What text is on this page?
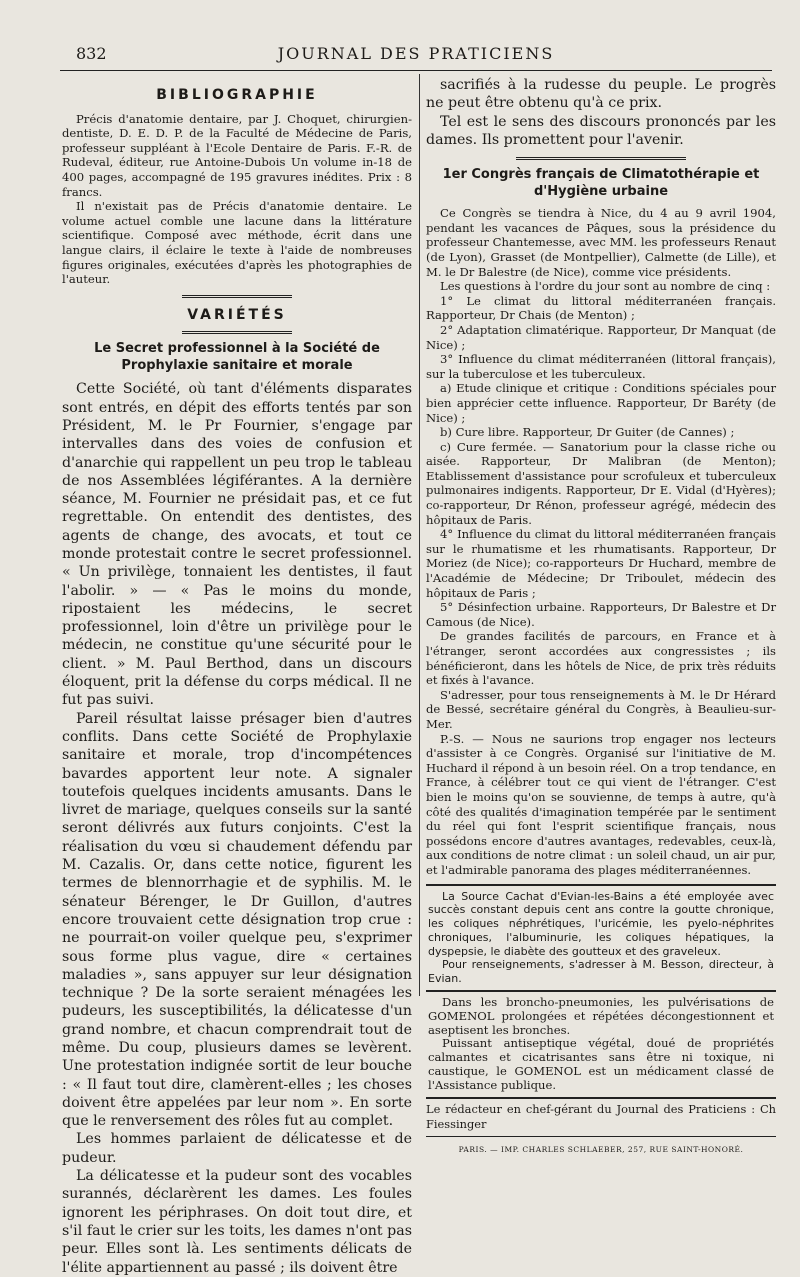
832	JOURNAL DES PRATICIENS
BIBLIOGRAPHIE

Précis d'anatomie dentaire, par J. Choquet, chirurgien-dentiste, D. E. D. P. de la Faculté de Médecine de Paris, professeur suppléant à l'Ecole Dentaire de Paris. F.-R. de Rudeval, éditeur, rue Antoine-Dubois Un volume in-18 de 400 pages, accompagné de 195 gravures inédites. Prix : 8 francs.

Il n'existait pas de Précis d'anatomie dentaire. Le volume actuel comble une lacune dans la littérature scientifique. Composé avec méthode, écrit dans une langue clairs, il éclaire le texte à l'aide de nombreuses figures originales, exécutées d'après les photographies de l'auteur.

VARIÉTÉS
Le Secret professionnel à la Société de Prophylaxie sanitaire et morale

Cette Société, où tant d'éléments disparates sont entrés, en dépit des efforts tentés par son Président, M. le Pr Fournier, s'engage par intervalles dans des voies de confusion et d'anarchie qui rappellent un peu trop le tableau de nos Assemblées légiférantes. A la dernière séance, M. Fournier ne présidait pas, et ce fut regrettable. On entendit des dentistes, des agents de change, des avocats, et tout ce monde protestait contre le secret professionnel. « Un privilège, tonnaient les dentistes, il faut l'abolir. » — « Pas le moins du monde, ripostaient les médecins, le secret professionnel, loin d'être un privilège pour le médecin, ne constitue qu'une sécurité pour le client. » M. Paul Berthod, dans un discours éloquent, prit la défense du corps médical. Il ne fut pas suivi.

Pareil résultat laisse présager bien d'autres conflits. Dans cette Société de Prophylaxie sanitaire et morale, trop d'incompétences bavardes apportent leur note. A signaler toutefois quelques incidents amusants. Dans le livret de mariage, quelques conseils sur la santé seront délivrés aux futurs conjoints. C'est la réalisation du vœu si chaudement défendu par M. Cazalis. Or, dans cette notice, figurent les termes de blennorrhagie et de syphilis. M. le sénateur Bérenger, le Dr Guillon, d'autres encore trouvaient cette désignation trop crue : ne pourrait-on voiler quelque peu, s'exprimer sous forme plus vague, dire « certaines maladies », sans appuyer sur leur désignation technique ? De la sorte seraient ménagées les pudeurs, les susceptibilités, la délicatesse d'un grand nombre, et chacun comprendrait tout de même. Du coup, plusieurs dames se levèrent. Une protestation indignée sortit de leur bouche : « Il faut tout dire, clamèrent-elles ; les choses doivent être appelées par leur nom ». En sorte que le renversement des rôles fut au complet.

Les hommes parlaient de délicatesse et de pudeur.

La délicatesse et la pudeur sont des vocables surannés, déclarèrent les dames. Les foules ignorent les périphrases. On doit tout dire, et s'il faut le crier sur les toits, les dames n'ont pas peur. Elles sont là. Les sentiments délicats de l'élite appartiennent au passé ; ils doivent être

sacrifiés à la rudesse du peuple. Le progrès ne peut être obtenu qu'à ce prix.

Tel est le sens des discours prononcés par les dames. Ils promettent pour l'avenir.

1er Congrès français de Climatothérapie et d'Hygiène urbaine

Ce Congrès se tiendra à Nice, du 4 au 9 avril 1904, pendant les vacances de Pâques, sous la présidence du professeur Chantemesse, avec MM. les professeurs Renaut (de Lyon), Grasset (de Montpellier), Calmette (de Lille), et M. le Dr Balestre (de Nice), comme vice présidents.

Les questions à l'ordre du jour sont au nombre de cinq :

1° Le climat du littoral méditerranéen français. Rapporteur, Dr Chais (de Menton) ;

2° Adaptation climatérique. Rapporteur, Dr Manquat (de Nice) ;

3° Influence du climat méditerranéen (littoral français), sur la tuberculose et les tuberculeux.

a) Etude clinique et critique : Conditions spéciales pour bien apprécier cette influence. Rapporteur, Dr Baréty (de Nice) ;

b) Cure libre. Rapporteur, Dr Guiter (de Cannes) ;

c) Cure fermée. — Sanatorium pour la classe riche ou aisée. Rapporteur, Dr Malibran (de Menton); Etablissement d'assistance pour scrofuleux et tuberculeux pulmonaires indigents. Rapporteur, Dr E. Vidal (d'Hyères); co-rapporteur, Dr Rénon, professeur agrégé, médecin des hôpitaux de Paris.

4° Influence du climat du littoral méditerranéen français sur le rhumatisme et les rhumatisants. Rapporteur, Dr Moriez (de Nice); co-rapporteurs Dr Huchard, membre de l'Académie de Médecine; Dr Triboulet, médecin des hôpitaux de Paris ;

5° Désinfection urbaine. Rapporteurs, Dr Balestre et Dr Camous (de Nice).

De grandes facilités de parcours, en France et à l'étranger, seront accordées aux congressistes ; ils bénéficieront, dans les hôtels de Nice, de prix très réduits et fixés à l'avance.

S'adresser, pour tous renseignements à M. le Dr Hérard de Bessé, secrétaire général du Congrès, à Beaulieu-sur-Mer.

P.-S. — Nous ne saurions trop engager nos lecteurs d'assister à ce Congrès. Organisé sur l'initiative de M. Huchard il répond à un besoin réel. On a trop tendance, en France, à célébrer tout ce qui vient de l'étranger. C'est bien le moins qu'on se souvienne, de temps à autre, qu'à côté des qualités d'imagination tempérée par le sentiment du réel qui font l'esprit scientifique français, nous possédons encore d'autres avantages, redevables, ceux-là, aux conditions de notre climat : un soleil chaud, un air pur, et l'admirable panorama des plages méditerranéennes.

La Source Cachat d'Evian-les-Bains a été employée avec succès constant depuis cent ans contre la goutte chronique, les coliques néphrétiques, l'uricémie, les pyelo-néphrites chroniques, l'albuminurie, les coliques hépatiques, la dyspepsie, le diabète des goutteux et des graveleux.

Pour renseignements, s'adresser à M. Besson, directeur, à Evian.

Dans les broncho-pneumonies, les pulvérisations de GOMENOL prolongées et répétées décongestionnent et aseptisent les bronches.

Puissant antiseptique végétal, doué de propriétés calmantes et cicatrisantes sans être ni toxique, ni caustique, le GOMENOL est un médicament classé de l'Assistance publique.

Le rédacteur en chef-gérant du Journal des Praticiens : Ch Fiessinger
PARIS. — IMP. CHARLES SCHLAEBER, 257, RUE SAINT-HONORÉ.
